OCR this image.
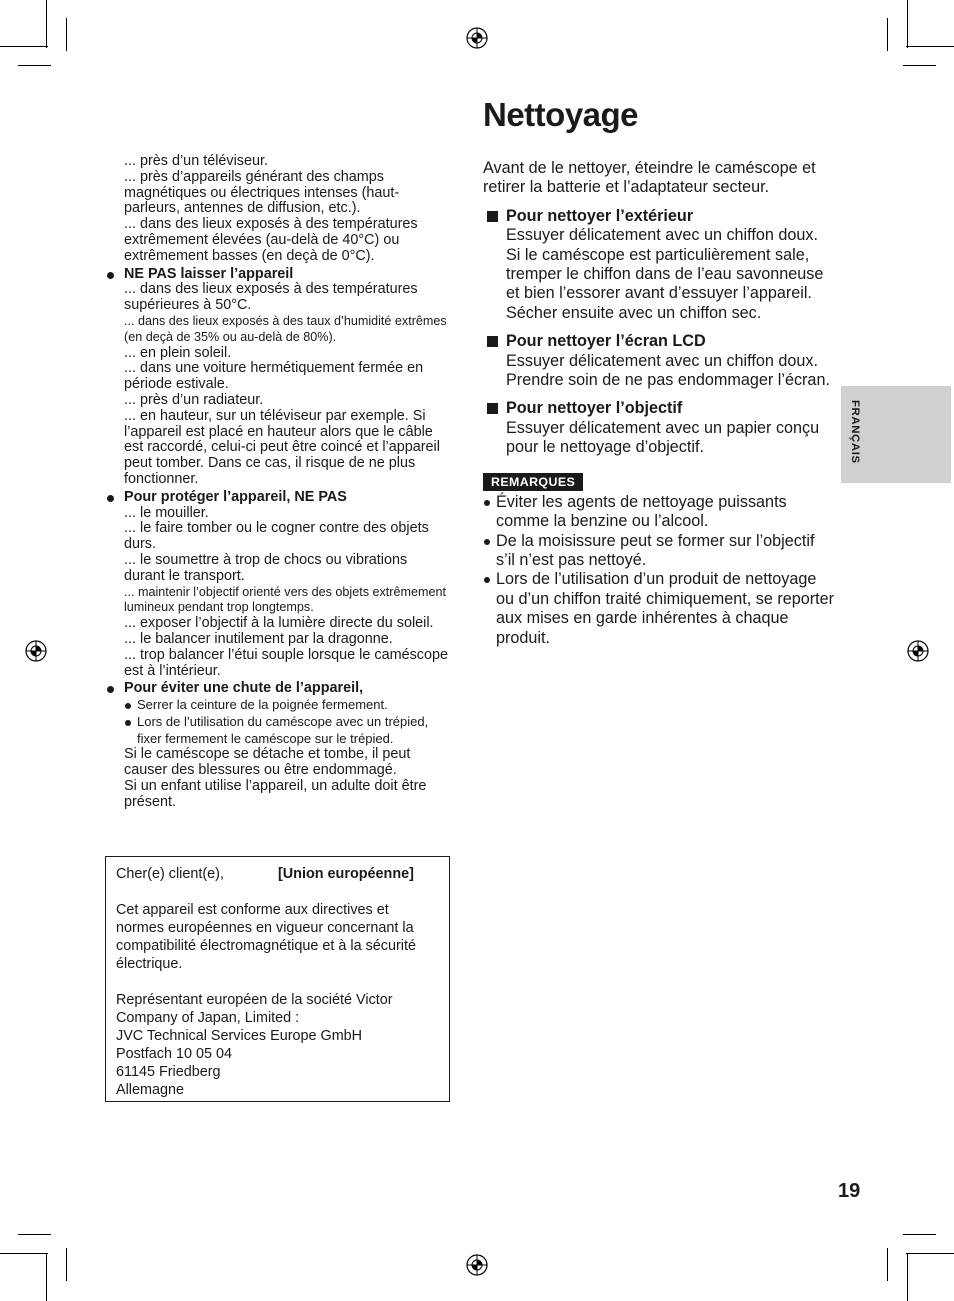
... près d’un téléviseur.
... près d’appareils générant des champs magnétiques ou électriques intenses (haut-parleurs, antennes de diffusion, etc.).
... dans des lieux exposés à des températures extrêmement élevées (au-delà de 40°C) ou extrêmement basses (en deçà de 0°C).
NE PAS laisser l’appareil
... dans des lieux exposés à des températures supérieures à 50°C.
... dans des lieux exposés à des taux d’humidité extrêmes (en deçà de 35% ou au-delà de 80%).
... en plein soleil.
... dans une voiture hermétiquement fermée en période estivale.
... près d’un radiateur.
... en hauteur, sur un téléviseur par exemple. Si l’appareil est placé en hauteur alors que le câble est raccordé, celui-ci peut être coincé et l’appareil peut tomber. Dans ce cas, il risque de ne plus fonctionner.
Pour protéger l’appareil, NE PAS
... le mouiller.
... le faire tomber ou le cogner contre des objets durs.
... le soumettre à trop de chocs ou vibrations durant le transport.
... maintenir l’objectif orienté vers des objets extrêmement lumineux pendant trop longtemps.
... exposer l’objectif à la lumière directe du soleil.
... le balancer inutilement par la dragonne.
... trop balancer l’étui souple lorsque le caméscope est à l’intérieur.
Pour éviter une chute de l’appareil,
Serrer la ceinture de la poignée fermement.
Lors de l’utilisation du caméscope avec un trépied, fixer fermement le caméscope sur le trépied.
Si le caméscope se détache et tombe, il peut causer des blessures ou être endommagé.
Si un enfant utilise l’appareil, un adulte doit être présent.
Cher(e) client(e),	[Union européenne]

Cet appareil est conforme aux directives et normes européennes en vigueur concernant la compatibilité électromagnétique et à la sécurité électrique.

Représentant européen de la société Victor Company of Japan, Limited :
JVC Technical Services Europe GmbH
Postfach 10 05 04
61145 Friedberg
Allemagne
Nettoyage
Avant de le nettoyer, éteindre le caméscope et retirer la batterie et l’adaptateur secteur.
Pour nettoyer l’extérieur
Essuyer délicatement avec un chiffon doux. Si le caméscope est particulièrement sale, tremper le chiffon dans de l’eau savonneuse et bien l’essorer avant d’essuyer l’appareil. Sécher ensuite avec un chiffon sec.
Pour nettoyer l’écran LCD
Essuyer délicatement avec un chiffon doux. Prendre soin de ne pas endommager l’écran.
Pour nettoyer l’objectif
Essuyer délicatement avec un papier conçu pour le nettoyage d’objectif.
REMARQUES
Éviter les agents de nettoyage puissants comme la benzine ou l’alcool.
De la moisissure peut se former sur l’objectif s’il n’est pas nettoyé.
Lors de l’utilisation d’un produit de nettoyage ou d’un chiffon traité chimiquement, se reporter aux mises en garde inhérentes à chaque produit.
FRANÇAIS
19
